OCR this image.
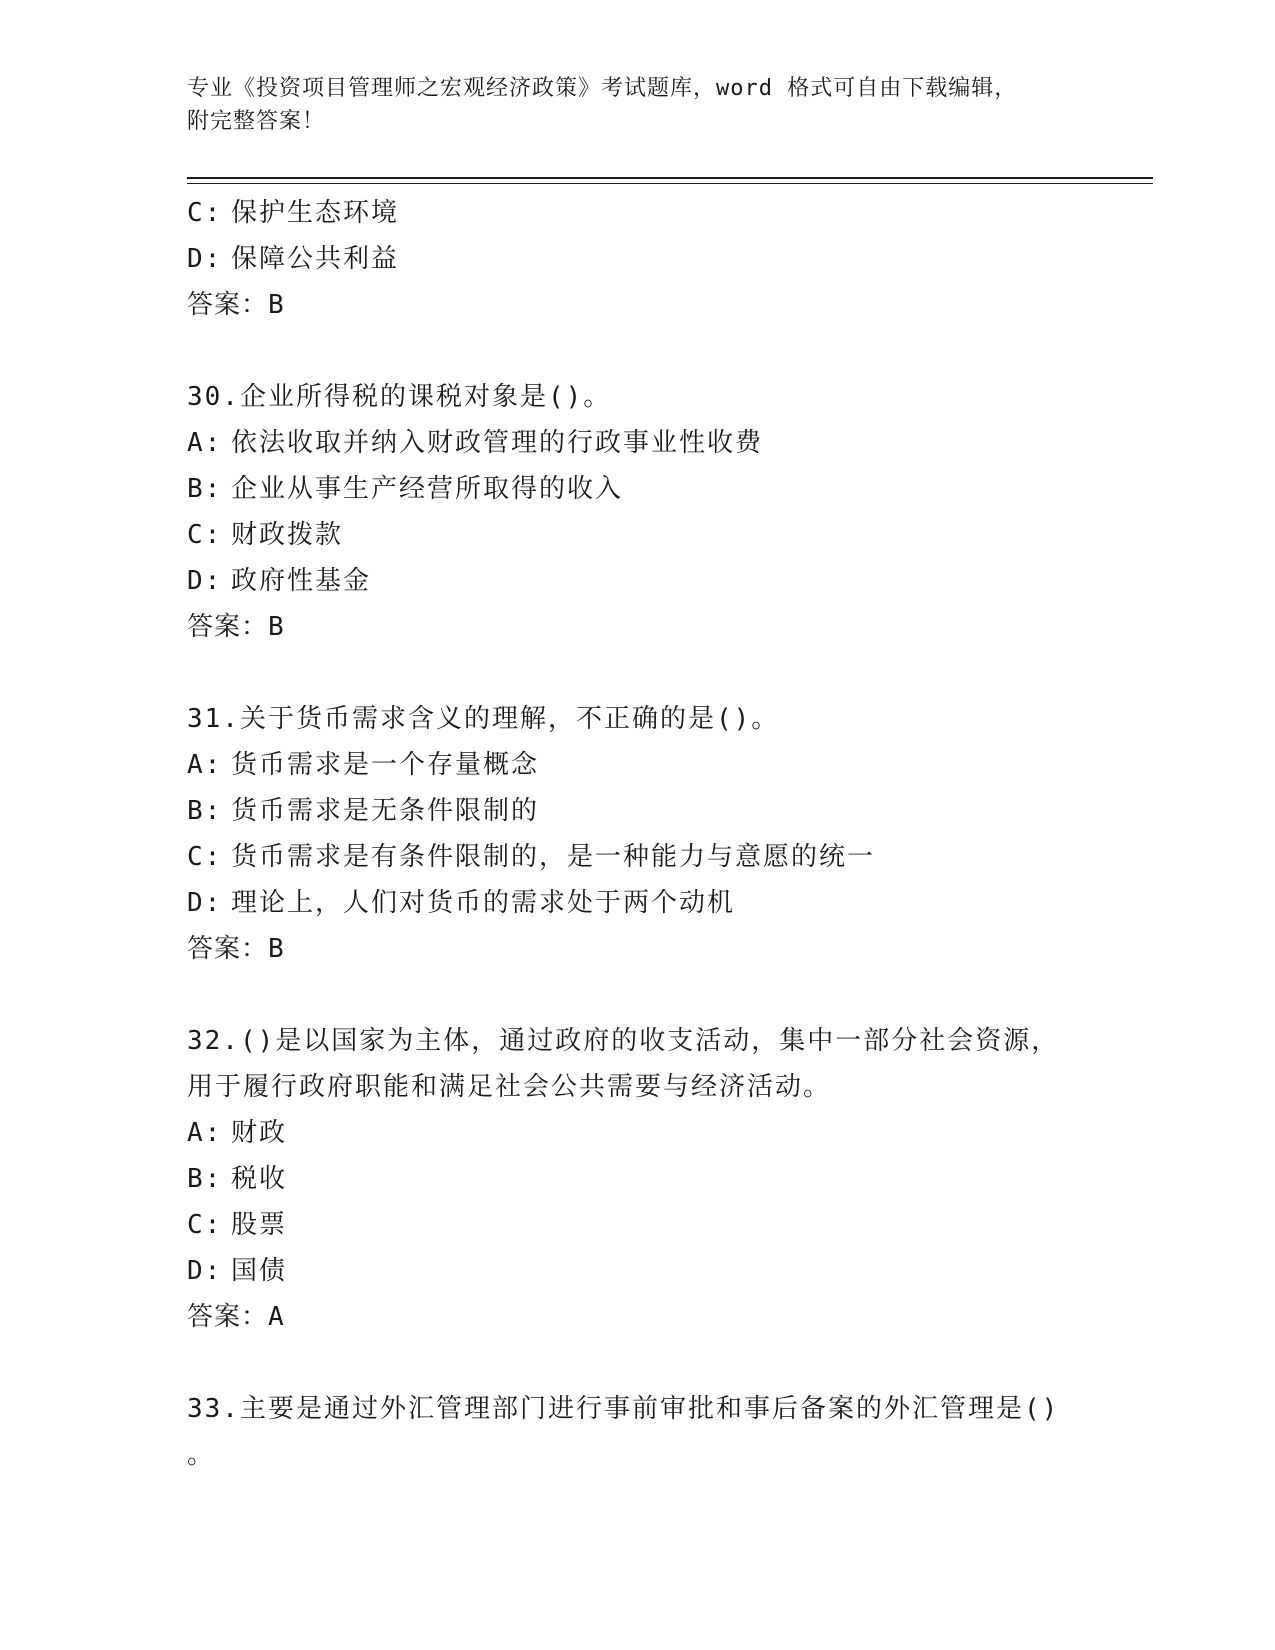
专业《投资项目管理师之宏观经济政策》考试题库，word 格式可自由下载编辑，
附完整答案！
C: 保护生态环境
D: 保障公共利益
答案：B
30.企业所得税的课税对象是()。
A: 依法收取并纳入财政管理的行政事业性收费
B: 企业从事生产经营所取得的收入
C: 财政拨款
D: 政府性基金
答案：B
31.关于货币需求含义的理解，不正确的是()。
A: 货币需求是一个存量概念
B: 货币需求是无条件限制的
C: 货币需求是有条件限制的，是一种能力与意愿的统一
D: 理论上，人们对货币的需求处于两个动机
答案：B
32.()是以国家为主体，通过政府的收支活动，集中一部分社会资源，
用于履行政府职能和满足社会公共需要与经济活动。
A: 财政
B: 税收
C: 股票
D: 国债
答案：A
33.主要是通过外汇管理部门进行事前审批和事后备案的外汇管理是()
。
